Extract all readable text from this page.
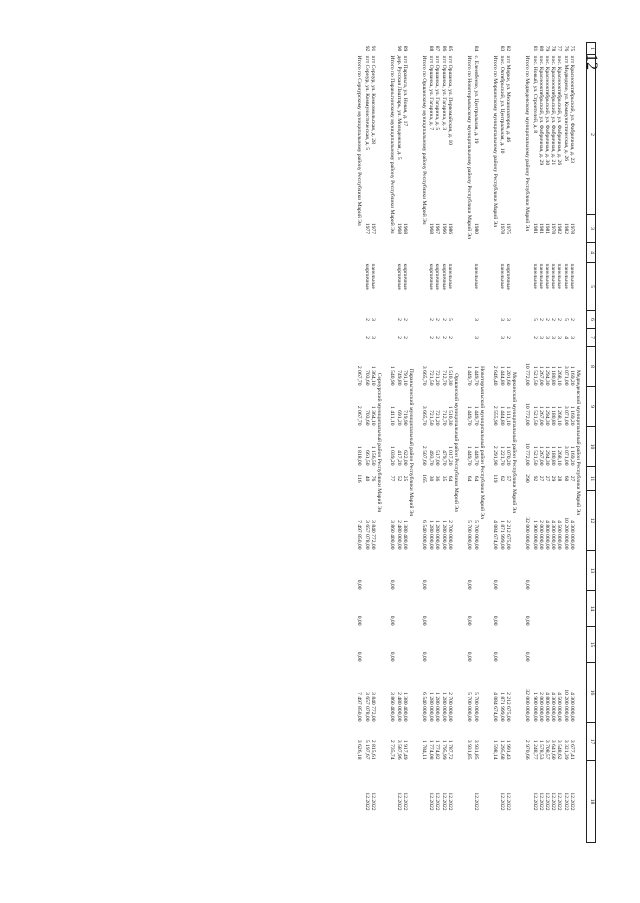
12
1	2	3	4	5	6	7	8	9	10	11	12	13	14	15	16	17	18
Медведевский муниципальный район Республики Марий Эл																	
75	пгт Краснооктябрьский, ул. Фабричная, д. 23	1978		панельные	2	3	1 169,20	1 169,20	1 169,20	27	4 300 000,00				4 300 000,00	3 677,41	12.2022
76	пгт Медведево, ул. Коммунистическая, д. 26	1982		панельные	5	4	3 071,00	3 071,00	3 071,00	60	10 200 000,00				10 200 000,00	3 321,39	12.2022
77	пос. Краснооктябрьский, ул. Фабричная, д. 26	1982		панельные	2	3	1 268,10	1 268,10	1 268,10	28	4 500 000,00				4 500 000,00	3 548,62	12.2022
78	пос. Краснооктябрьский, ул. Фабричная, д. 21	1978		панельные	2	3	1 180,80	1 180,80	1 180,80	29	4 300 000,00				4 300 000,00	3 641,60	12.2022
79	пос. Краснооктябрьский, ул. Фабричная, д. 30	1981		панельные	2	3	1 294,30	1 294,30	1 294,30	27	4 800 000,00				4 800 000,00	3 708,57	12.2022
80	пос. Краснооктябрьский, ул. Фабричная, д. 29	1981		панельные	2	3	1 267,00	1 267,00	1 267,00	27	2 000 000,00				2 000 000,00	1 578,53	12.2022
81	пос. Новый, ул. Строителей, д. 8	1981		панельные	5	2	1 521,50	1 521,50	1 521,50	92	1 900 000,00				1 900 000,00	1 248,77	12.2022
	Итого по Медведевскому муниципальному району Республики Марий Эл						10 772,00	10 772,00	10 772,00	290	32 000 000,00	0,00	0,00	0,00	32 000 000,00	2 970,66	
Моркинский муниципальный район Республики Марий Эл																	
82	пгт Морки, ул. Механизаторов, д. 46	1975		кирпичные	3	2	1 201,60	1 111,10	1 070,20	57	2 212 675,00				2 212 675,00	1 991,43	12.2022
83	пос. Октябрьский, ул. Центральная, д. 10	1978		панельные	3	3	1 444,80	1 444,80	1 221,70	62	1 871 999,00				1 871 999,00	1 295,68	12.2022
	Итого по Моркинскому муниципальному району Республики Марий Эл						2 646,40	2 555,90	2 291,90	119	4 084 674,00	0,00	0,00	0,00	4 084 674,00	1 598,14	
Новоторъяльский муниципальный район Республики Марий Эл																	
84	с. Елеевбеево, ул. Центральная, д. 19	1980		панельные	3	3	1 449,70	1 449,70	1 449,70	64	5 700 000,00				5 700 000,00	3 931,85	12.2022
	Итого по Новоторъяльскому муниципальному району Республики Марий Эл						1 449,70	1 449,70	1 449,70	64	5 700 000,00	0,00	0,00	0,00	5 700 000,00	3 931,85	
Оршанский муниципальный район Республики Марий Эл																	
85	пгт Оршанка, ул. Первомайская, д. 10	1986		панельные	5	2	1 510,30	1 510,30	1 017,20	64	2 700 000,00				2 700 000,00	1 787,72	12.2022
86	пгт Оршанка, ул. Гагарина, д. 3	1966		кирпичные	2	2	712,70	712,70	479,70	35	1 280 000,00				1 280 000,00	1 795,99	12.2022
87	пгт Оршанка, ул. Гагарина, д. 5	1967		кирпичные	2	2	721,20	721,20	517,00	36	1 280 000,00				1 280 000,00	1 774,82	12.2022
88	пгт Оршанка, ул. Гагарина, д. 7	1968		кирпичные	2	2	721,50	721,50	493,70	30	1 280 000,00				1 280 000,00	1 774,08	12.2022
	Итого по Оршанскому муниципальному району Республики Марий Эл						3 665,70	3 665,70	2 507,60	165	6 540 000,00	0,00	0,00	0,00	6 540 000,00	1 784,11	
Параньгинский муниципальный район Республики Марий Эл																	
89	пгт Параньга, ул. Новая, д. 17	1968		кирпичные	2	2	791,10	719,90	622,00	25	1 380 400,00				1 380 400,00	1 917,49	12.2022
90	дер. Русская Лаштарь, ул. Молодежная, д. 5	1968		кирпичные	2	2	749,80	691,20	417,20	52	2 480 000,00				2 480 000,00	3 587,96	12.2022
	Итого по Параньгинскому муниципальному району Республики Марий Эл						1 540,90	1 411,10	1 039,20	77	3 860 400,00	0,00	0,00	0,00	3 860 400,00	2 735,74	
Сернурский муниципальный район Республики Марий Эл																	
91	пгт Сернур, ул. Комсомольская, д. 28	1977		панельные	3	3	1 364,10	1 364,10	1 156,50	76	3 840 772,00				3 840 772,00	2 815,61	12.2022
92	пгт Сернур, ул. Коммунистическая, д. 5	1977		кирпичные	2	2	703,60	703,60	661,50	40	3 657 078,00				3 657 078,00	5 197,67	12.2022
	Итого по Сернурскому муниципальному району Республики Марий Эл						2 067,70	2 067,70	1 818,00	116	7 497 850,00	0,00	0,00	0,00	7 497 850,00	3 626,18	
